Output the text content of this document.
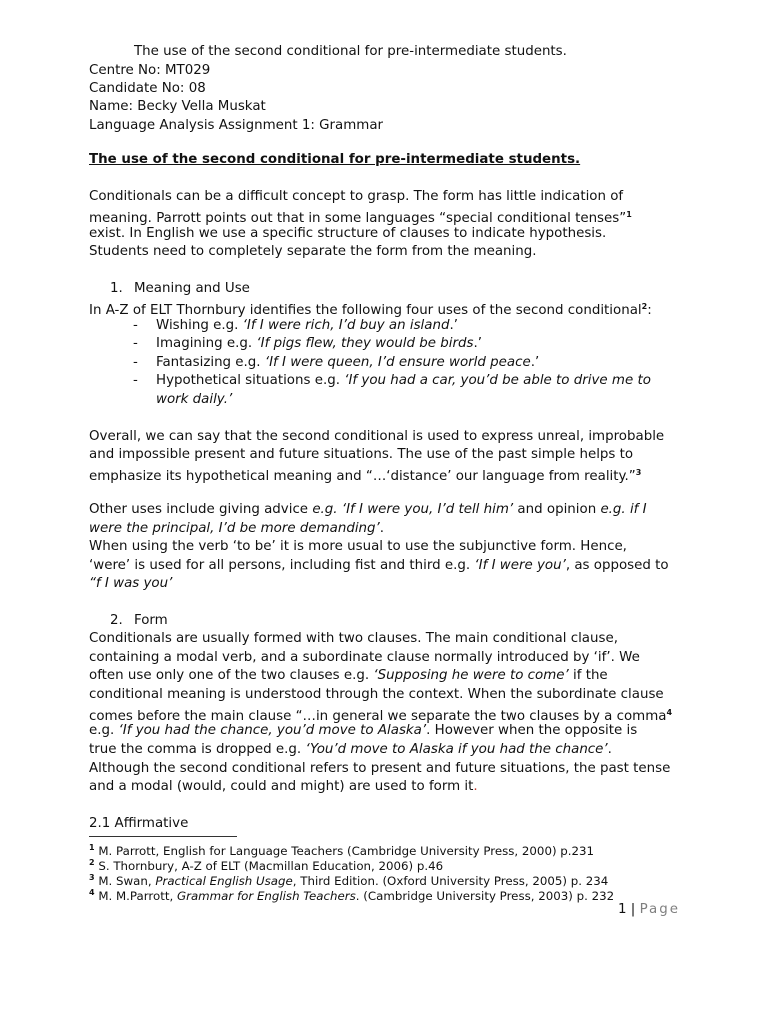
The use of the second conditional for pre-intermediate students.
Centre No: MT029
Candidate No: 08
Name: Becky Vella Muskat
Language Analysis Assignment 1: Grammar
The use of the second conditional for pre-intermediate students.
Conditionals can be a difficult concept to grasp. The form has little indication of
meaning. Parrott points out that in some languages “special conditional tenses”$^1$
exist. In English we use a specific structure of clauses to indicate hypothesis.
Students need to completely separate the form from the meaning.
1. Meaning and Use
In A-Z of ELT Thornbury identifies the following four uses of the second conditional$^2$:
- Wishing e.g. ‘If I were rich, I’d buy an island.’
- Imagining e.g. ‘If pigs flew, they would be birds.’
- Fantasizing e.g. ‘If I were queen, I’d ensure world peace.’
- Hypothetical situations e.g. ‘If you had a car, you’d be able to drive me to
work daily.’
Overall, we can say that the second conditional is used to express unreal, improbable
and impossible present and future situations. The use of the past simple helps to
emphasize its hypothetical meaning and “…‘distance’ our language from reality.”$^3$
Other uses include giving advice e.g. ‘If I were you, I’d tell him’ and opinion e.g. if I
were the principal, I’d be more demanding’.
When using the verb ‘to be’ it is more usual to use the subjunctive form. Hence,
‘were’ is used for all persons, including fist and third e.g. ‘If I were you’, as opposed to
“f I was you’
2. Form
Conditionals are usually formed with two clauses. The main conditional clause,
containing a modal verb, and a subordinate clause normally introduced by ‘if’. We
often use only one of the two clauses e.g. ‘Supposing he were to come’ if the
conditional meaning is understood through the context. When the subordinate clause
comes before the main clause “…in general we separate the two clauses by a comma$^4$
e.g. ‘If you had the chance, you’d move to Alaska’. However when the opposite is
true the comma is dropped e.g. ‘You’d move to Alaska if you had the chance’.
Although the second conditional refers to present and future situations, the past tense
and a modal (would, could and might) are used to form it.
2.1 Affirmative
$^1$ M. Parrott, English for Language Teachers (Cambridge University Press, 2000) p.231
$^2$ S. Thornbury, A-Z of ELT (Macmillan Education, 2006) p.46
$^3$ M. Swan, Practical English Usage, Third Edition. (Oxford University Press, 2005) p. 234
$^4$ M. M.Parrott, Grammar for English Teachers. (Cambridge University Press, 2003) p. 232
1 | Page
